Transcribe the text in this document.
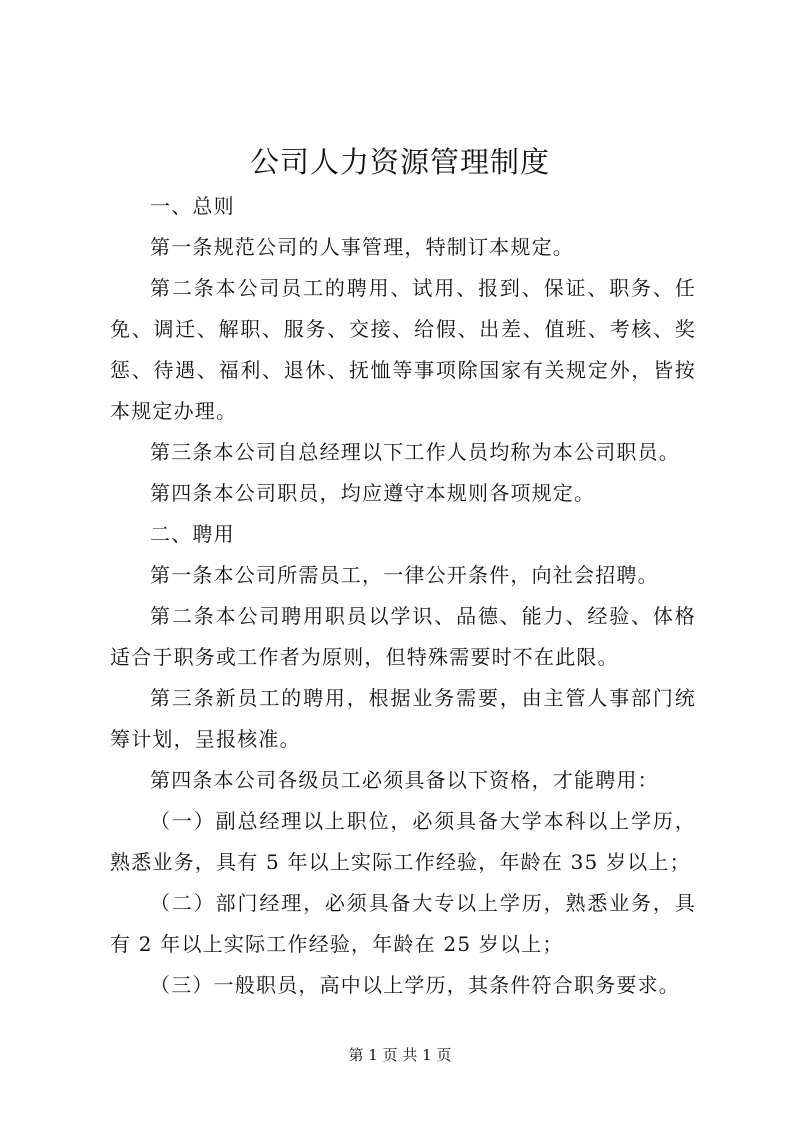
公司人力资源管理制度

一、总则

第一条规范公司的人事管理，特制订本规定。

第二条本公司员工的聘用、试用、报到、保证、职务、任免、调迁、解职、服务、交接、给假、出差、值班、考核、奖惩、待遇、福利、退休、抚恤等事项除国家有关规定外，皆按本规定办理。

第三条本公司自总经理以下工作人员均称为本公司职员。

第四条本公司职员，均应遵守本规则各项规定。

二、聘用

第一条本公司所需员工，一律公开条件，向社会招聘。

第二条本公司聘用职员以学识、品德、能力、经验、体格适合于职务或工作者为原则，但特殊需要时不在此限。

第三条新员工的聘用，根据业务需要，由主管人事部门统筹计划，呈报核准。

第四条本公司各级员工必须具备以下资格，才能聘用：

（一）副总经理以上职位，必须具备大学本科以上学历，熟悉业务，具有 5 年以上实际工作经验，年龄在 35 岁以上；

（二）部门经理，必须具备大专以上学历，熟悉业务，具有 2 年以上实际工作经验，年龄在 25 岁以上；

（三）一般职员，高中以上学历，其条件符合职务要求。

第 1 页 共 1 页
